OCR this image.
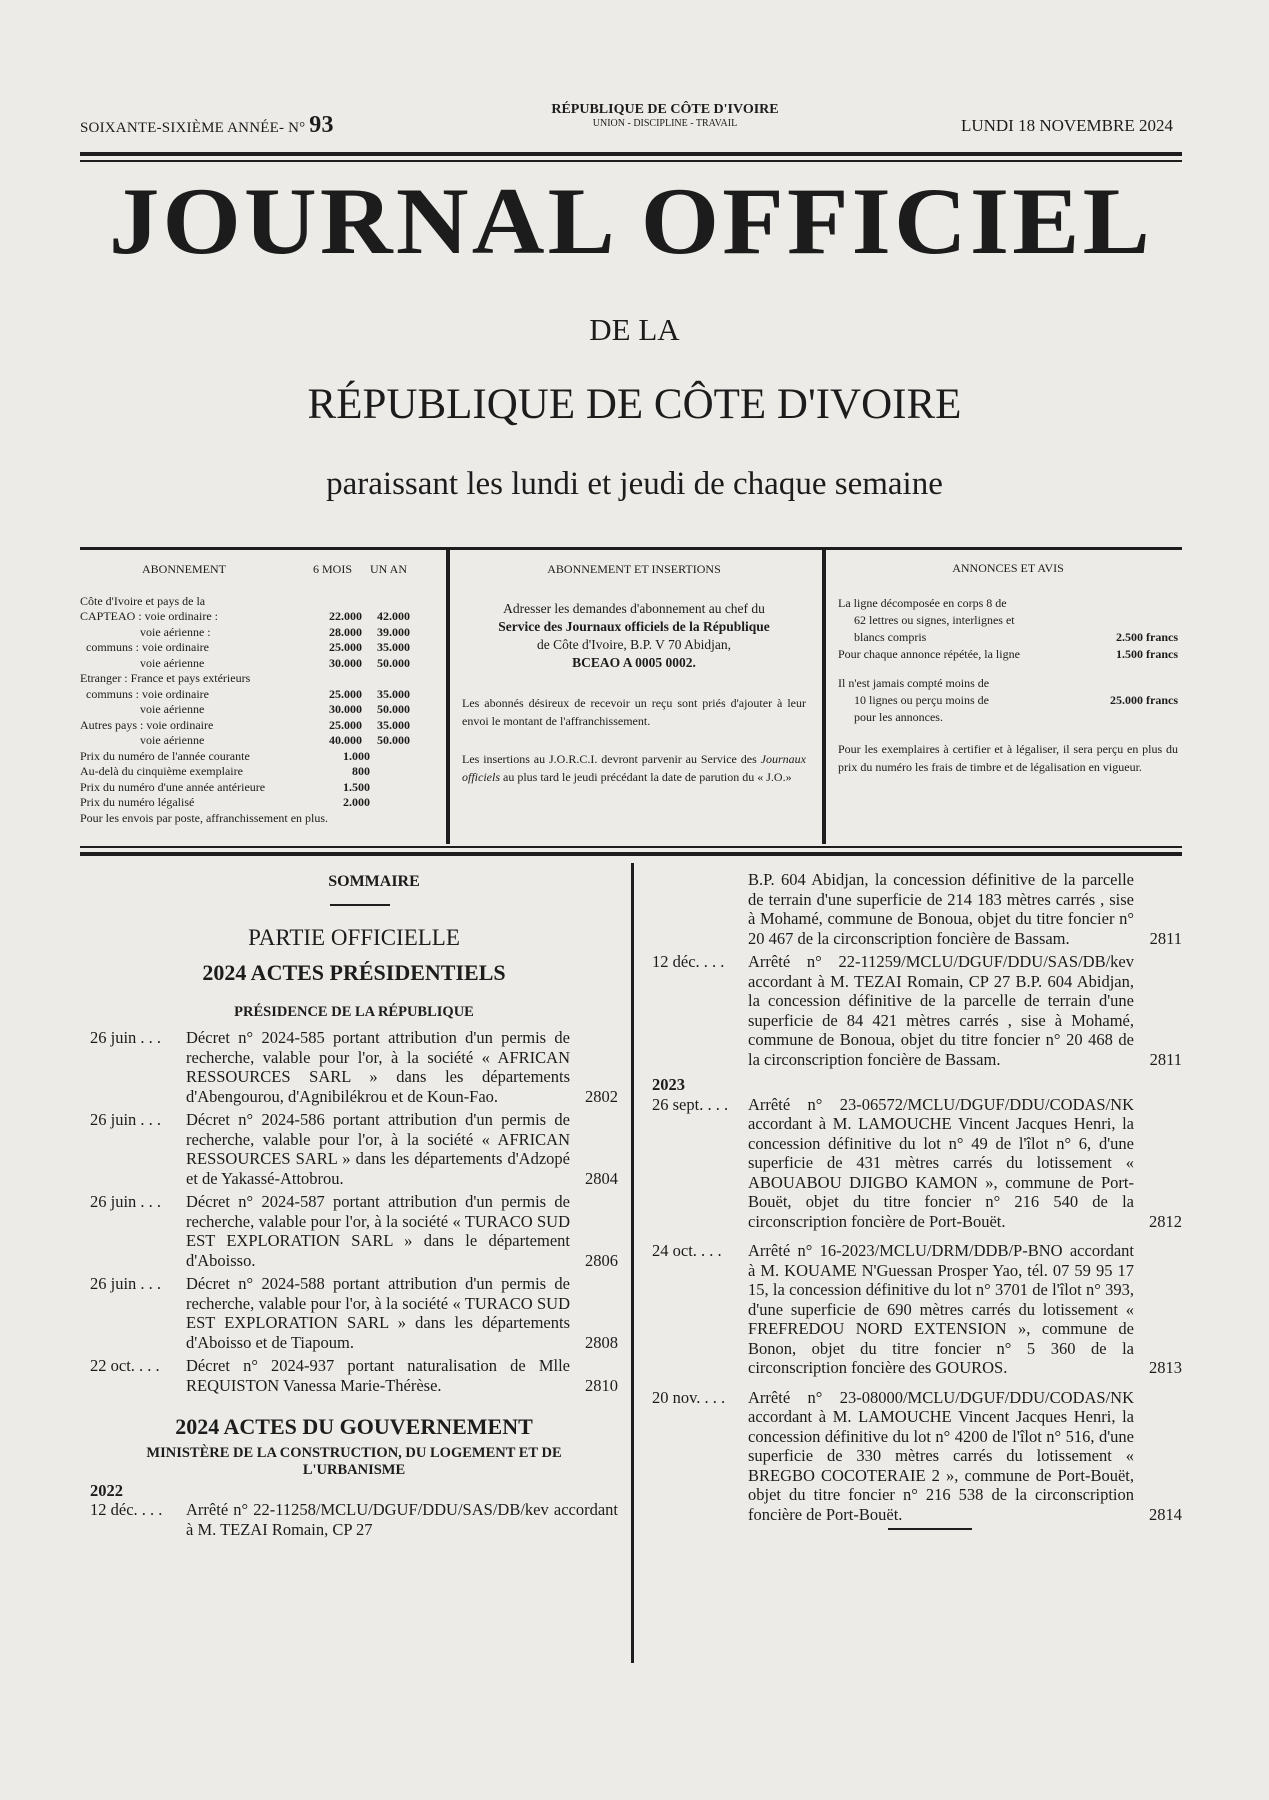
SOIXANTE-SIXIÈME ANNÉE- N° 93
RÉPUBLIQUE DE CÔTE D'IVOIRE
UNION - DISCIPLINE - TRAVAIL	LUNDI 18 NOVEMBRE 2024
JOURNAL OFFICIEL
DE LA
RÉPUBLIQUE DE CÔTE D'IVOIRE
paraissant les lundi et jeudi de chaque semaine
ABONNEMENT	6 MOIS	UN AN
Côte d'Ivoire et pays de la
CAPTEAO : voie ordinaire :	22.000	42.000
voie aérienne :	28.000	39.000
communs : voie ordinaire	25.000	35.000
voie aérienne	30.000	50.000
Etranger : France et pays extérieurs
communs : voie ordinaire	25.000	35.000
voie aérienne	30.000	50.000
Autres pays : voie ordinaire	25.000	35.000
voie aérienne	40.000	50.000
Prix du numéro de l'année courante	1.000
Au-delà du cinquième exemplaire	800
Prix du numéro d'une année antérieure	1.500
Prix du numéro légalisé	2.000
Pour les envois par poste, affranchissement en plus.
ABONNEMENT ET INSERTIONS

Adresser les demandes d'abonnement au chef du
Service des Journaux officiels de la République
de Côte d'Ivoire, B.P. V 70 Abidjan,
BCEAO A 0005 0002.

Les abonnés désireux de recevoir un reçu sont priés d'ajouter à leur envoi le montant de l'affranchissement.

Les insertions au J.O.R.C.I. devront parvenir au Service des Journaux officiels au plus tard le jeudi précédant la date de parution du « J.O.»

ANNONCES ET AVIS
La ligne décomposée en corps 8 de
62 lettres ou signes, interlignes et
blancs compris	2.500 francs
Pour chaque annonce répétée, la ligne	1.500 francs
Il n'est jamais compté moins de
10 lignes ou perçu moins de	25.000 francs
pour les annonces.

Pour les exemplaires à certifier et à légaliser, il sera perçu en plus du prix du numéro les frais de timbre et de légalisation en vigueur.

SOMMAIRE
PARTIE OFFICIELLE
2024 ACTES PRÉSIDENTIELS
PRÉSIDENCE DE LA RÉPUBLIQUE
26 juin . . .	Décret n° 2024-585 portant attribution d'un permis de recherche, valable pour l'or, à la société « AFRICAN RESSOURCES SARL » dans les départements d'Abengourou, d'Agnibilékrou et de Koun-Fao.	2802
26 juin . . .	Décret n° 2024-586 portant attribution d'un permis de recherche, valable pour l'or, à la société « AFRICAN RESSOURCES SARL » dans les départements d'Adzopé et de Yakassé-Attobrou.	2804
26 juin . . .	Décret n° 2024-587 portant attribution d'un permis de recherche, valable pour l'or, à la société « TURACO SUD EST EXPLORATION SARL » dans le département d'Aboisso.	2806
26 juin . . .	Décret n° 2024-588 portant attribution d'un permis de recherche, valable pour l'or, à la société « TURACO SUD EST EXPLORATION SARL » dans les départements d'Aboisso et de Tiapoum.	2808
22 oct. . . .	Décret n° 2024-937 portant naturalisation de Mlle REQUISTON Vanessa Marie-Thérèse.	2810
2024 ACTES DU GOUVERNEMENT
MINISTÈRE DE LA CONSTRUCTION, DU LOGEMENT ET DE L'URBANISME
2022
12 déc. . . .	Arrêté n° 22-11258/MCLU/DGUF/DDU/SAS/DB/kev accordant à M. TEZAI Romain, CP 27
B.P. 604 Abidjan, la concession définitive de la parcelle de terrain d'une superficie de 214 183 mètres carrés , sise à Mohamé, commune de Bonoua, objet du titre foncier n° 20 467 de la circonscription foncière de Bassam.	2811
12 déc. . . .	Arrêté n° 22-11259/MCLU/DGUF/DDU/SAS/DB/kev accordant à M. TEZAI Romain, CP 27 B.P. 604 Abidjan, la concession définitive de la parcelle de terrain d'une superficie de 84 421 mètres carrés , sise à Mohamé, commune de Bonoua, objet du titre foncier n° 20 468 de la circonscription foncière de Bassam.	2811
2023
26 sept. . . .	Arrêté n° 23-06572/MCLU/DGUF/DDU/CODAS/NK accordant à M. LAMOUCHE Vincent Jacques Henri, la concession définitive du lot n° 49 de l'îlot n° 6, d'une superficie de 431 mètres carrés du lotissement « ABOUABOU DJIGBO KAMON », commune de Port-Bouët, objet du titre foncier n° 216 540 de la circonscription foncière de Port-Bouët.	2812
24 oct. . . .	Arrêté n° 16-2023/MCLU/DRM/DDB/P-BNO accordant à M. KOUAME N'Guessan Prosper Yao, tél. 07 59 95 17 15, la concession définitive du lot n° 3701 de l'îlot n° 393, d'une superficie de 690 mètres carrés du lotissement « FREFREDOU NORD EXTENSION », commune de Bonon, objet du titre foncier n° 5 360 de la circonscription foncière des GOUROS.	2813
20 nov. . . .	Arrêté n° 23-08000/MCLU/DGUF/DDU/CODAS/NK accordant à M. LAMOUCHE Vincent Jacques Henri, la concession définitive du lot n° 4200 de l'îlot n° 516, d'une superficie de 330 mètres carrés du lotissement « BREGBO COCOTERAIE 2 », commune de Port-Bouët, objet du titre foncier n° 216 538 de la circonscription foncière de Port-Bouët.	2814
